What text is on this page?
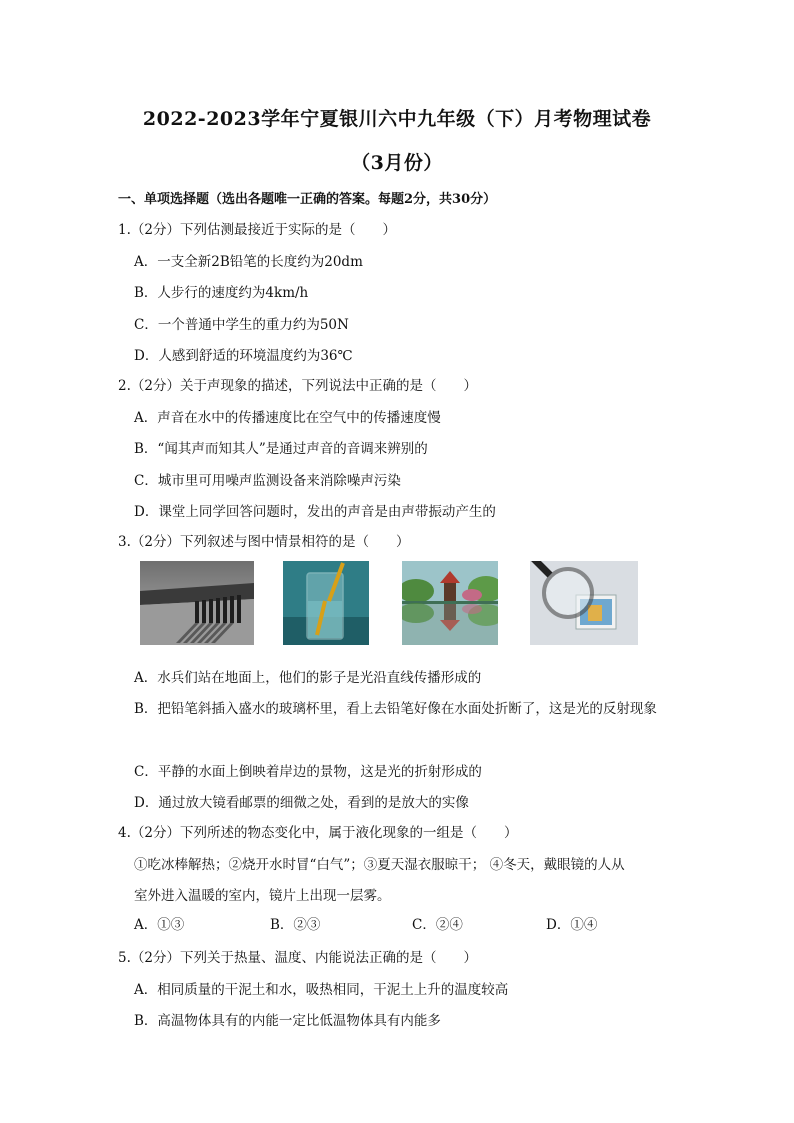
2022-2023学年宁夏银川六中九年级（下）月考物理试卷
（3月份）
一、单项选择题（选出各题唯一正确的答案。每题2分，共30分）
1.（2分）下列估测最接近于实际的是（　　）
A．一支全新2B铅笔的长度约为20dm
B．人步行的速度约为4km/h
C．一个普通中学生的重力约为50N
D．人感到舒适的环境温度约为36℃
2.（2分）关于声现象的描述，下列说法中正确的是（　　）
A．声音在水中的传播速度比在空气中的传播速度慢
B．“闻其声而知其人”是通过声音的音调来辨别的
C．城市里可用噪声监测设备来消除噪声污染
D．课堂上同学回答问题时，发出的声音是由声带振动产生的
3.（2分）下列叙述与图中情景相符的是（　　）
A．水兵们站在地面上，他们的影子是光沿直线传播形成的
B．把铅笔斜插入盛水的玻璃杯里，看上去铅笔好像在水面处折断了，这是光的反射现象
C．平静的水面上倒映着岸边的景物，这是光的折射形成的
D．通过放大镜看邮票的细微之处，看到的是放大的实像
4.（2分）下列所述的物态变化中，属于液化现象的一组是（　　）
①吃冰棒解热；②烧开水时冒“白气”；③夏天湿衣服晾干； ④冬天，戴眼镜的人从
室外进入温暖的室内，镜片上出现一层雾。
A．①③	B．②③	C．②④	D．①④
5.（2分）下列关于热量、温度、内能说法正确的是（　　）
A．相同质量的干泥土和水，吸热相同，干泥土上升的温度较高
B．高温物体具有的内能一定比低温物体具有内能多
